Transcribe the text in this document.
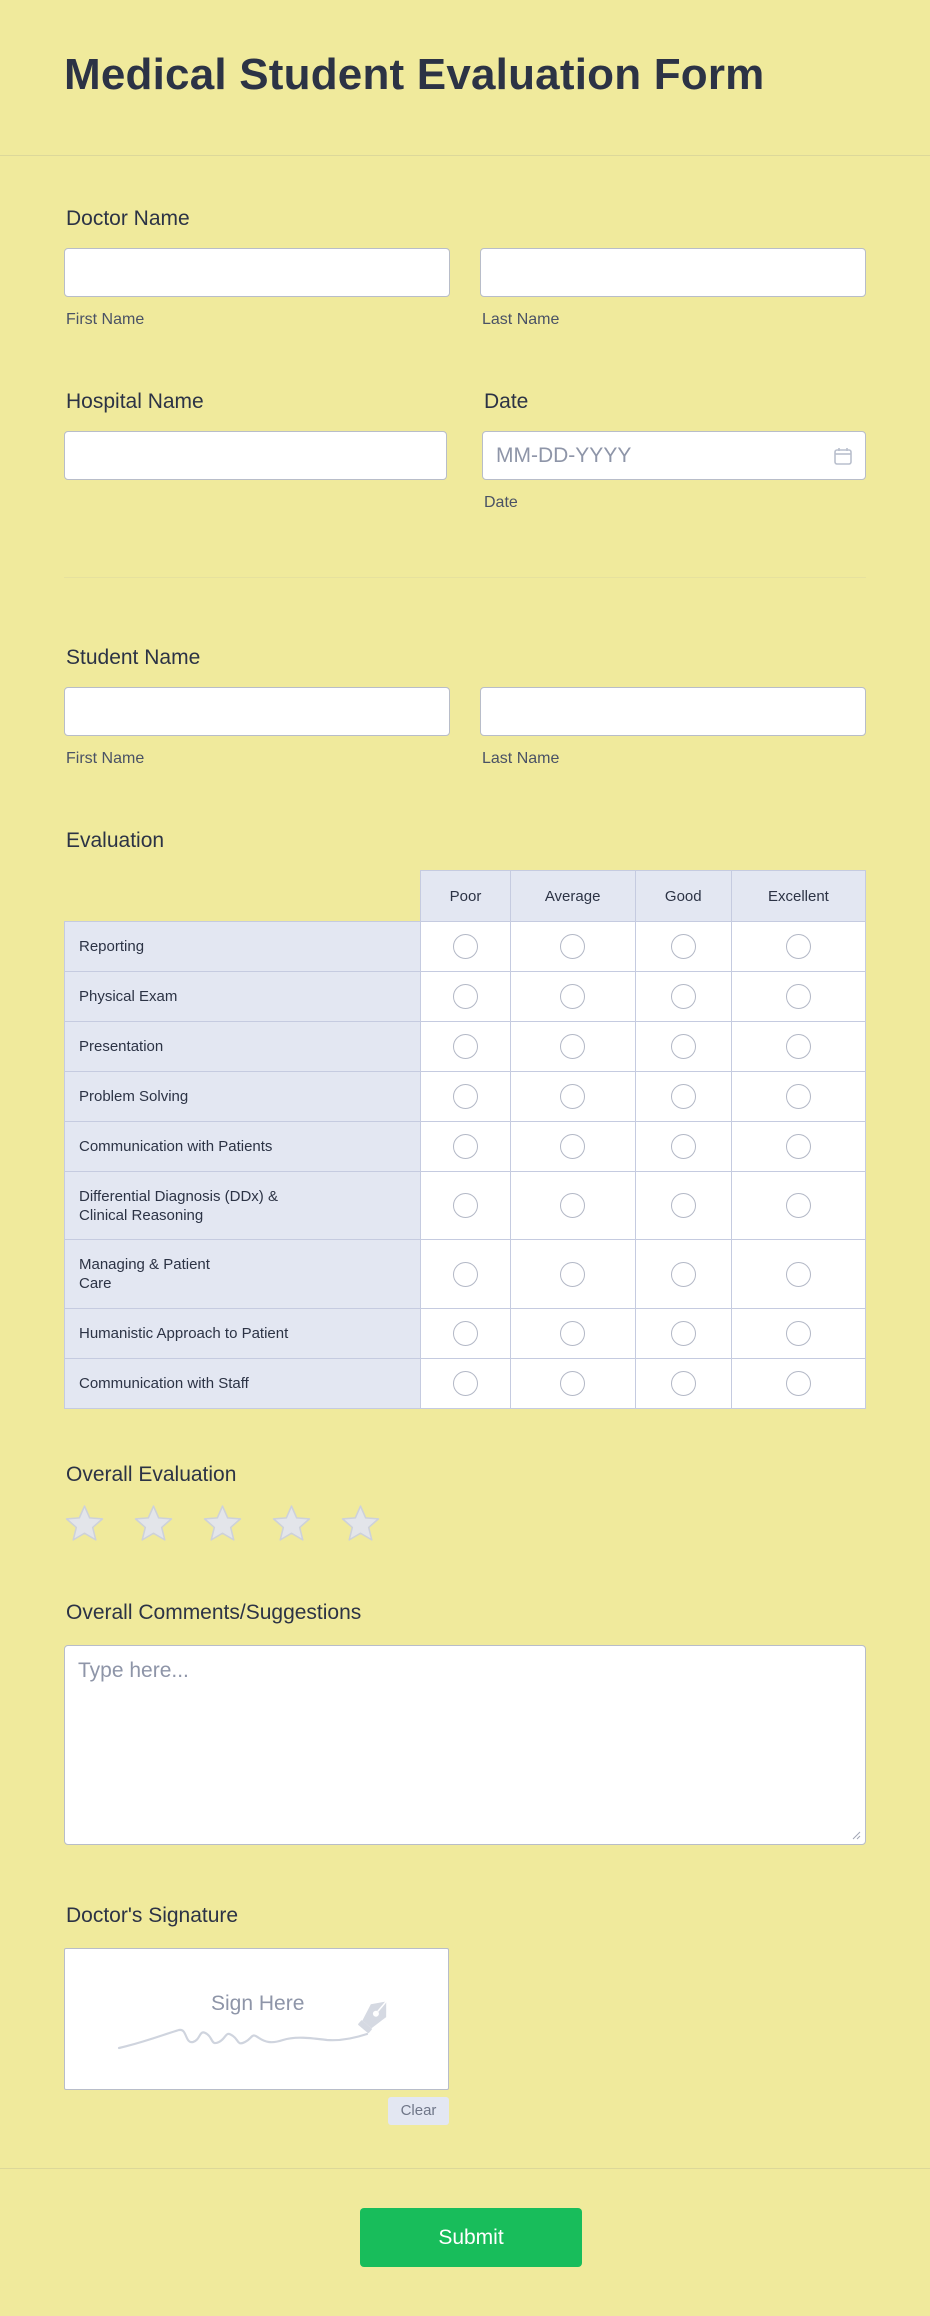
Medical Student Evaluation Form
Doctor Name
First Name	Last Name
Hospital Name	Date
MM-DD-YYYY
Date
Student Name
First Name	Last Name
Evaluation
	Poor	Average	Good	Excellent
Reporting				
Physical Exam				
Presentation				
Problem Solving				
Communication with Patients				
Differential Diagnosis (DDx) & Clinical Reasoning				
Managing & Patient Care				
Humanistic Approach to Patient				
Communication with Staff				
Overall Evaluation
Overall Comments/Suggestions
Type here...
Doctor's Signature
Sign Here
Clear
Submit
